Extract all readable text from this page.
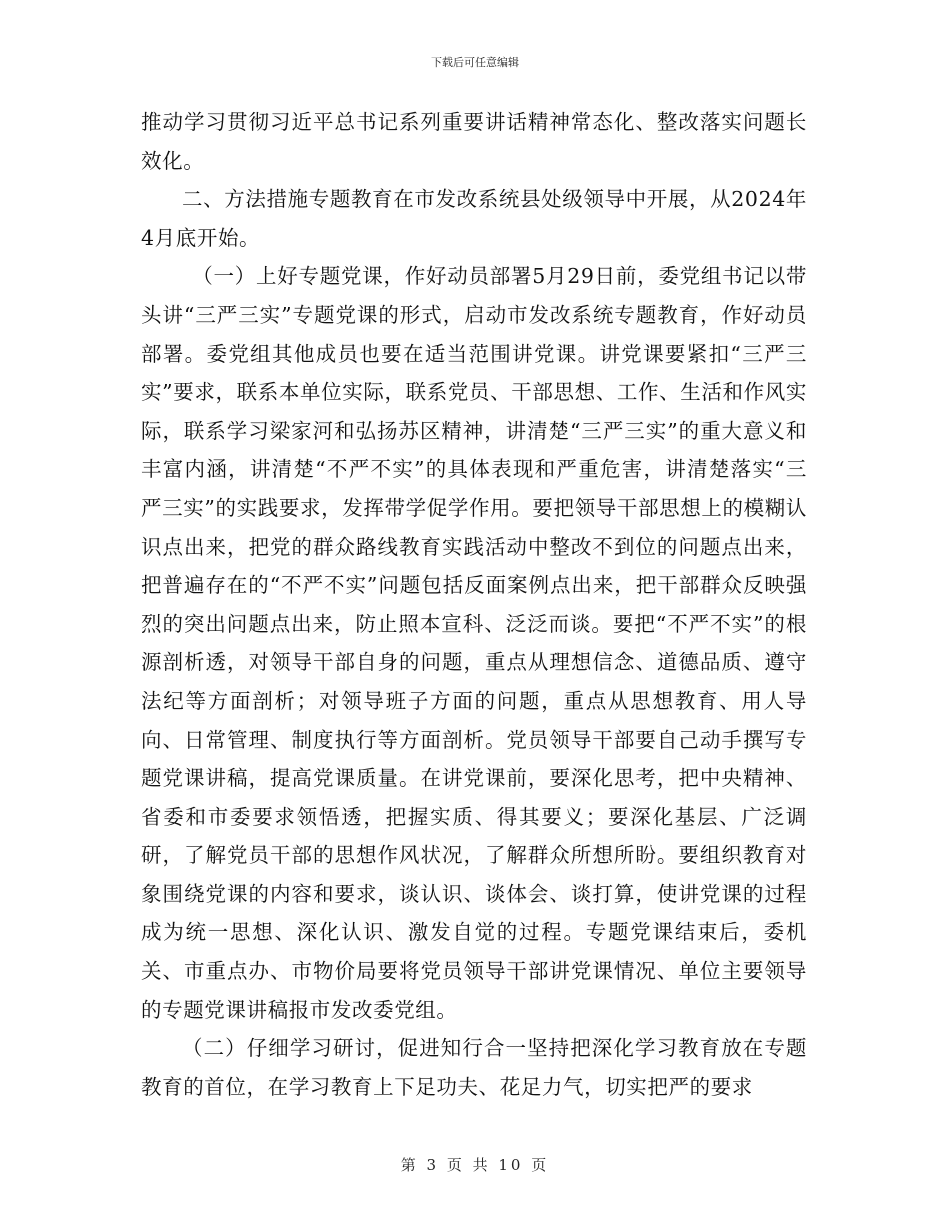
下载后可任意编辑

推动学习贯彻习近平总书记系列重要讲话精神常态化、整改落实问题长效化。

二、方法措施专题教育在市发改系统县处级领导中开展，从2024年4月底开始。

（一）上好专题党课，作好动员部署5月29日前，委党组书记以带头讲“三严三实”专题党课的形式，启动市发改系统专题教育，作好动员部署。委党组其他成员也要在适当范围讲党课。讲党课要紧扣“三严三实”要求，联系本单位实际，联系党员、干部思想、工作、生活和作风实际，联系学习梁家河和弘扬苏区精神，讲清楚“三严三实”的重大意义和丰富内涵，讲清楚“不严不实”的具体表现和严重危害，讲清楚落实“三严三实”的实践要求，发挥带学促学作用。要把领导干部思想上的模糊认识点出来，把党的群众路线教育实践活动中整改不到位的问题点出来，把普遍存在的“不严不实”问题包括反面案例点出来，把干部群众反映强烈的突出问题点出来，防止照本宣科、泛泛而谈。要把“不严不实”的根源剖析透，对领导干部自身的问题，重点从理想信念、道德品质、遵守法纪等方面剖析；对领导班子方面的问题，重点从思想教育、用人导向、日常管理、制度执行等方面剖析。党员领导干部要自己动手撰写专题党课讲稿，提高党课质量。在讲党课前，要深化思考，把中央精神、省委和市委要求领悟透，把握实质、得其要义；要深化基层、广泛调研，了解党员干部的思想作风状况，了解群众所想所盼。要组织教育对象围绕党课的内容和要求，谈认识、谈体会、谈打算，使讲党课的过程成为统一思想、深化认识、激发自觉的过程。专题党课结束后，委机关、市重点办、市物价局要将党员领导干部讲党课情况、单位主要领导的专题党课讲稿报市发改委党组。

（二）仔细学习研讨，促进知行合一坚持把深化学习教育放在专题教育的首位，在学习教育上下足功夫、花足力气，切实把严的要求

第 3 页 共 10 页
